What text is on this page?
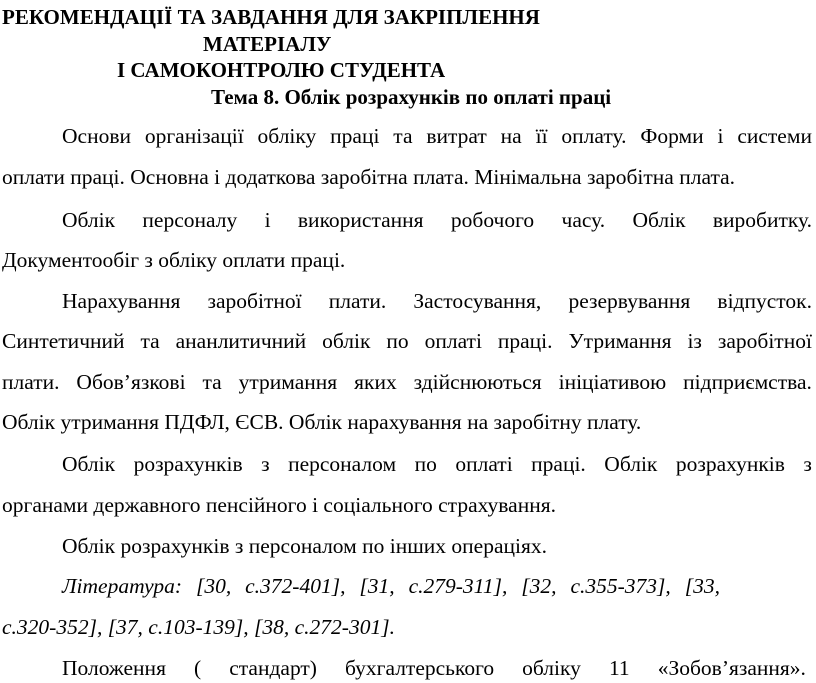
РЕКОМЕНДАЦІЇ ТА ЗАВДАННЯ ДЛЯ ЗАКРІПЛЕННЯ
МАТЕРІАЛУ
І САМОКОНТРОЛЮ СТУДЕНТА
Тема 8. Облік розрахунків по оплаті праці
Основи організації обліку праці та витрат на її оплату. Форми і системи
оплати праці. Основна і додаткова заробітна плата. Мінімальна заробітна плата.
Облік персоналу і використання робочого часу. Облік виробитку.
Документообіг з обліку оплати праці.
Нарахування заробітної плати. Застосування, резервування відпусток.
Синтетичний та ананлитичний облік по оплаті праці. Утримання із заробітної
плати. Обов’язкові та утримання яких здійснюються ініціативою підприємства.
Облік утримання ПДФЛ, ЄСВ. Облік нарахування на заробітну плату.
Облік розрахунків з персоналом по оплаті праці. Облік розрахунків з
органами державного пенсійного і соціального страхування.
Облік розрахунків з персоналом по інших операціях.
Література: [30, с.372-401], [31, с.279-311], [32, с.355-373], [33,
с.320-352], [37, с.103-139], [38, с.272-301].
Положення ( стандарт) бухгалтерського обліку 11 «Зобов’язання».
